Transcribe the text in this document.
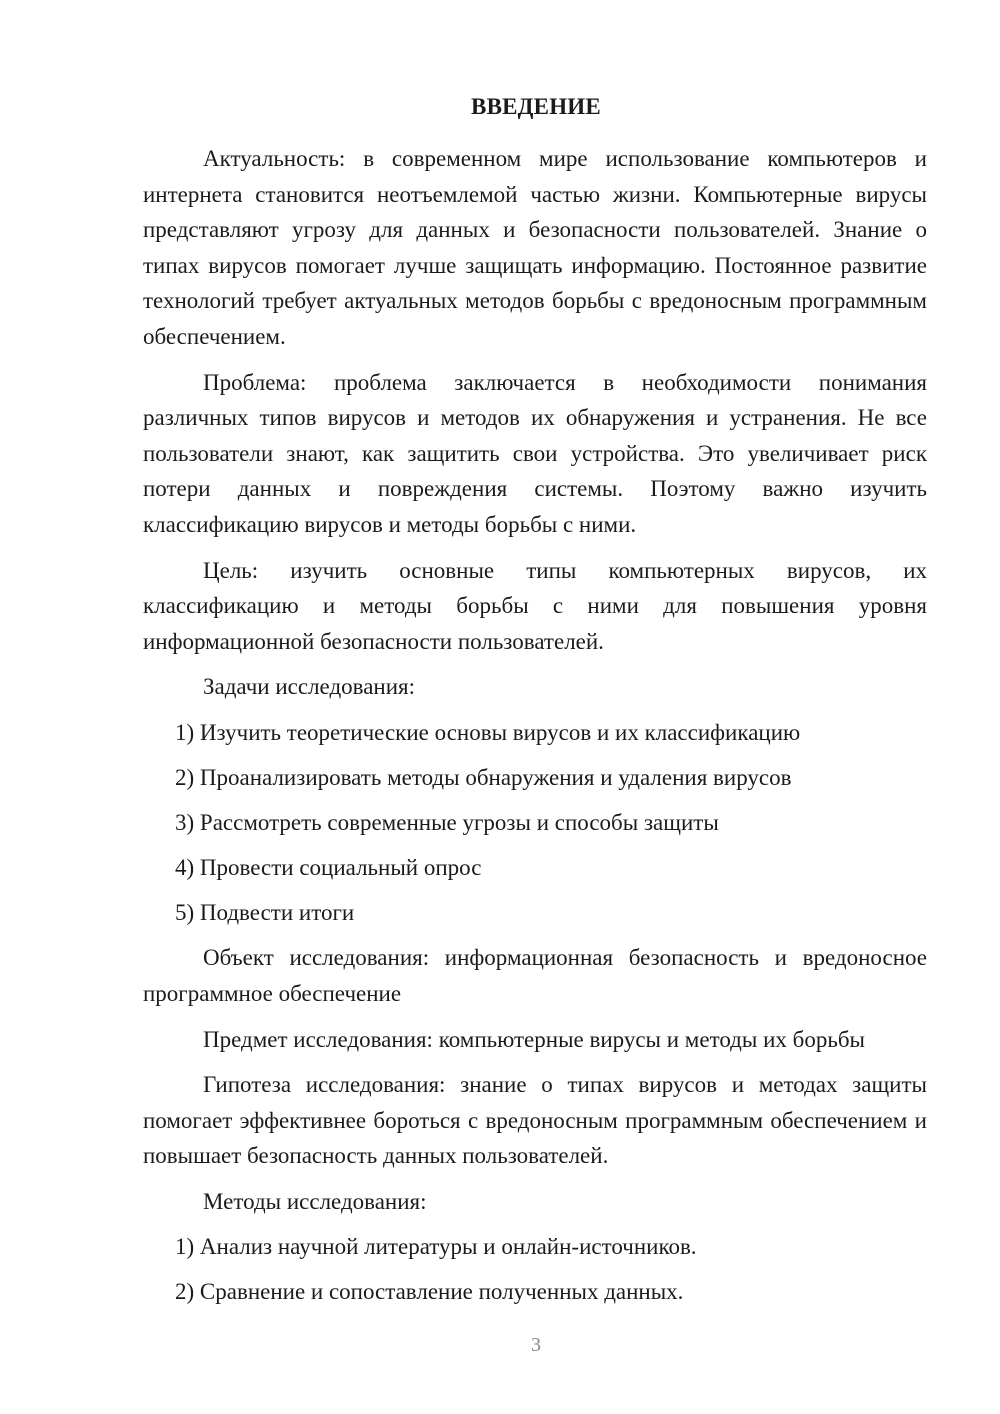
ВВЕДЕНИЕ

Актуальность: в современном мире использование компьютеров и интернета становится неотъемлемой частью жизни. Компьютерные вирусы представляют угрозу для данных и безопасности пользователей. Знание о типах вирусов помогает лучше защищать информацию. Постоянное развитие технологий требует актуальных методов борьбы с вредоносным программным обеспечением.

Проблема: проблема заключается в необходимости понимания различных типов вирусов и методов их обнаружения и устранения. Не все пользователи знают, как защитить свои устройства. Это увеличивает риск потери данных и повреждения системы. Поэтому важно изучить классификацию вирусов и методы борьбы с ними.

Цель: изучить основные типы компьютерных вирусов, их классификацию и методы борьбы с ними для повышения уровня информационной безопасности пользователей.

Задачи исследования:

1) Изучить теоретические основы вирусов и их классификацию

2) Проанализировать методы обнаружения и удаления вирусов

3) Рассмотреть современные угрозы и способы защиты

4) Провести социальный опрос

5) Подвести итоги

Объект исследования: информационная безопасность и вредоносное программное обеспечение

Предмет исследования: компьютерные вирусы и методы их борьбы

Гипотеза исследования: знание о типах вирусов и методах защиты помогает эффективнее бороться с вредоносным программным обеспечением и повышает безопасность данных пользователей.

Методы исследования:

1) Анализ научной литературы и онлайн-источников.

2) Сравнение и сопоставление полученных данных.

3
